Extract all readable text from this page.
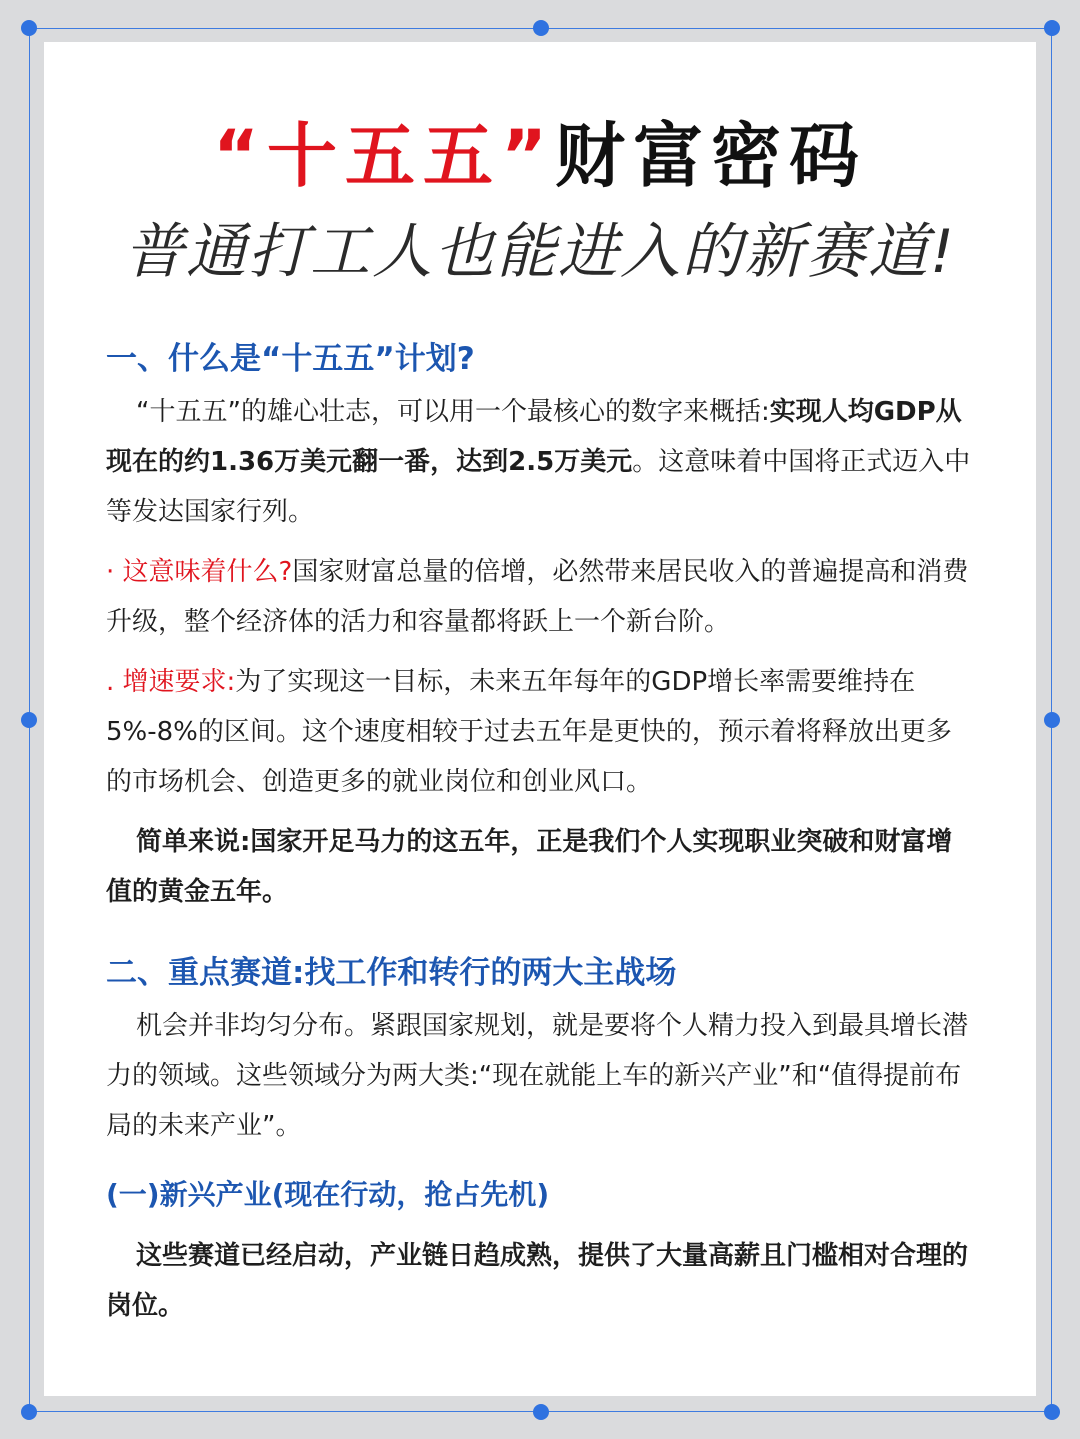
“十五五”财富密码
普通打工人也能进入的新赛道!
一、什么是“十五五”计划?

“十五五”的雄心壮志，可以用一个最核心的数字来概括:实现人均GDP从现在的约1.36万美元翻一番，达到2.5万美元。这意味着中国将正式迈入中等发达国家行列。

· 这意味着什么?国家财富总量的倍增，必然带来居民收入的普遍提高和消费升级，整个经济体的活力和容量都将跃上一个新台阶。

. 增速要求:为了实现这一目标，未来五年每年的GDP增长率需要维持在5%-8%的区间。这个速度相较于过去五年是更快的，预示着将释放出更多的市场机会、创造更多的就业岗位和创业风口。

简单来说:国家开足马力的这五年，正是我们个人实现职业突破和财富增值的黄金五年。

二、重点赛道:找工作和转行的两大主战场

机会并非均匀分布。紧跟国家规划，就是要将个人精力投入到最具增长潜力的领域。这些领域分为两大类:“现在就能上车的新兴产业”和“值得提前布局的未来产业”。

(一)新兴产业(现在行动，抢占先机)

这些赛道已经启动，产业链日趋成熟，提供了大量高薪且门槛相对合理的岗位。
